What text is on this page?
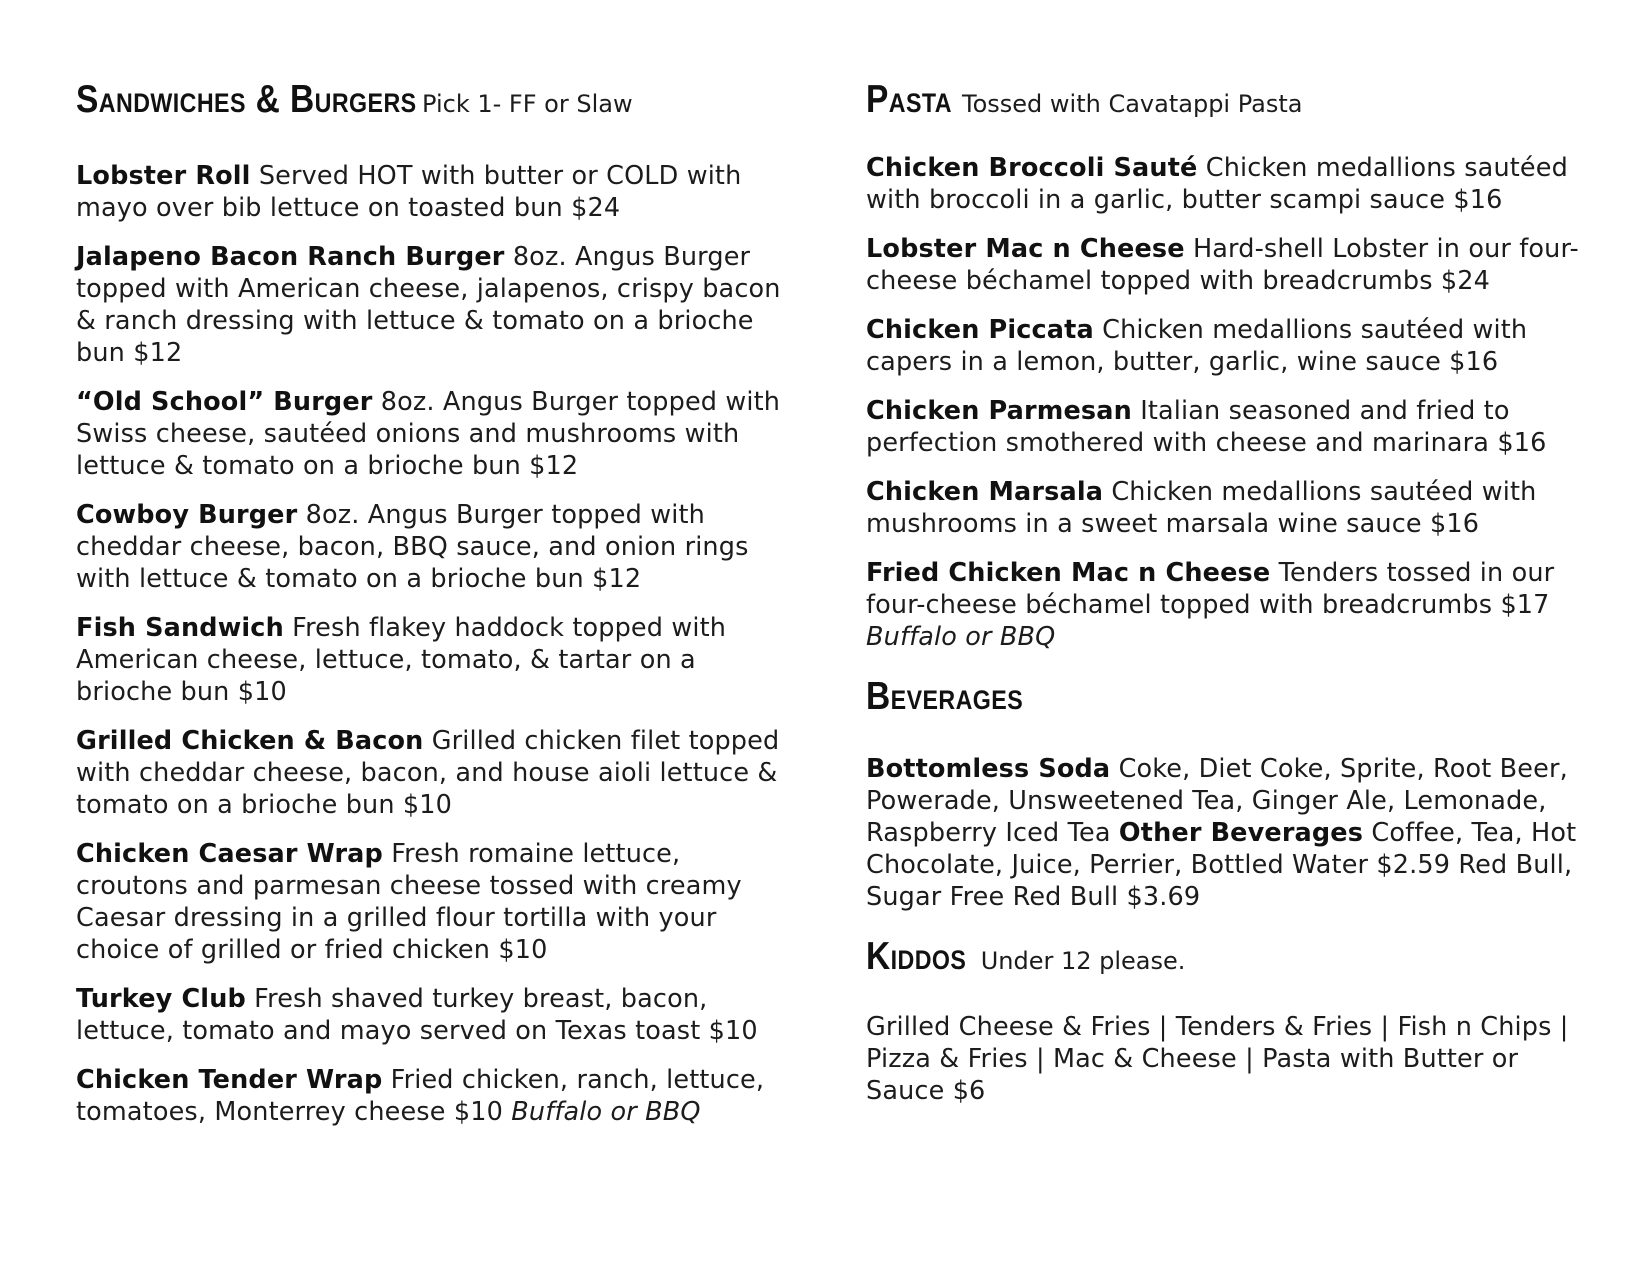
Sandwiches & Burgers Pick 1- FF or Slaw
Lobster Roll Served HOT with butter or COLD with mayo over bib lettuce on toasted bun $24
Jalapeno Bacon Ranch Burger 8oz. Angus Burger topped with American cheese, jalapenos, crispy bacon & ranch dressing with lettuce & tomato on a brioche bun $12
“Old School” Burger 8oz. Angus Burger topped with Swiss cheese, sautéed onions and mushrooms with lettuce & tomato on a brioche bun $12
Cowboy Burger 8oz. Angus Burger topped with cheddar cheese, bacon, BBQ sauce, and onion rings with lettuce & tomato on a brioche bun $12
Fish Sandwich Fresh flakey haddock topped with American cheese, lettuce, tomato, & tartar on a brioche bun $10
Grilled Chicken & Bacon Grilled chicken filet topped with cheddar cheese, bacon, and house aioli lettuce & tomato on a brioche bun $10
Chicken Caesar Wrap Fresh romaine lettuce, croutons and parmesan cheese tossed with creamy Caesar dressing in a grilled flour tortilla with your choice of grilled or fried chicken $10
Turkey Club Fresh shaved turkey breast, bacon, lettuce, tomato and mayo served on Texas toast $10
Chicken Tender Wrap Fried chicken, ranch, lettuce, tomatoes, Monterrey cheese $10 Buffalo or BBQ
Pasta Tossed with Cavatappi Pasta
Chicken Broccoli Sauté Chicken medallions sautéed with broccoli in a garlic, butter scampi sauce $16
Lobster Mac n Cheese Hard-shell Lobster in our four-cheese béchamel topped with breadcrumbs $24
Chicken Piccata Chicken medallions sautéed with capers in a lemon, butter, garlic, wine sauce $16
Chicken Parmesan Italian seasoned and fried to perfection smothered with cheese and marinara $16
Chicken Marsala Chicken medallions sautéed with mushrooms in a sweet marsala wine sauce $16
Fried Chicken Mac n Cheese Tenders tossed in our four-cheese béchamel topped with breadcrumbs $17 Buffalo or BBQ
Beverages

Bottomless Soda Coke, Diet Coke, Sprite, Root Beer, Powerade, Unsweetened Tea, Ginger Ale, Lemonade, Raspberry Iced Tea Other Beverages Coffee, Tea, Hot Chocolate, Juice, Perrier, Bottled Water $2.59 Red Bull, Sugar Free Red Bull $3.69

Kiddos Under 12 please.

Grilled Cheese & Fries | Tenders & Fries | Fish n Chips | Pizza & Fries | Mac & Cheese | Pasta with Butter or Sauce $6
